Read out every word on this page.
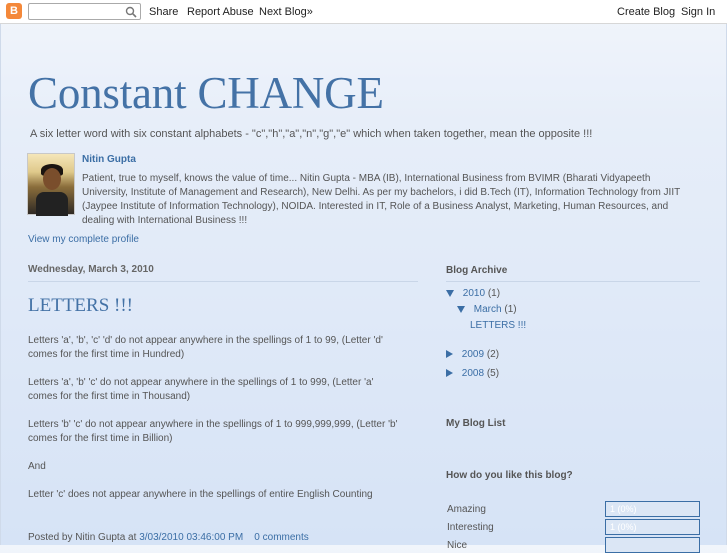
B	Share Report Abuse Next Blog»	Create Blog Sign In
Constant CHANGE
A six letter word with six constant alphabets - "c","h","a","n","g","e" which when taken together, mean the opposite !!!
Nitin Gupta
Patient, true to myself, knows the value of time... Nitin Gupta - MBA (IB), International Business from BVIMR (Bharati Vidyapeeth University, Institute of Management and Research), New Delhi. As per my bachelors, i did B.Tech (IT), Information Technology from JIIT (Jaypee Institute of Information Technology), NOIDA. Interested in IT, Role of a Business Analyst, Marketing, Human Resources, and dealing with International Business !!!
View my complete profile
Wednesday, March 3, 2010
LETTERS !!!

Letters 'a', 'b', 'c' 'd' do not appear anywhere in the spellings of 1 to 99, (Letter 'd' comes for the first time in Hundred)

Letters 'a', 'b' 'c' do not appear anywhere in the spellings of 1 to 999, (Letter 'a' comes for the first time in Thousand)

Letters 'b' 'c' do not appear anywhere in the spellings of 1 to 999,999,999, (Letter 'b' comes for the first time in Billion)

And

Letter 'c' does not appear anywhere in the spellings of entire English Counting

Posted by Nitin Gupta at 3/03/2010 03:46:00 PM 0 comments
Blog Archive
2010 (1)
March (1)
LETTERS !!!
2009 (2)
2008 (5)
My Blog List
How do you like this blog?
Amazing	1 (0%)
Interesting	1 (0%)
Nice
